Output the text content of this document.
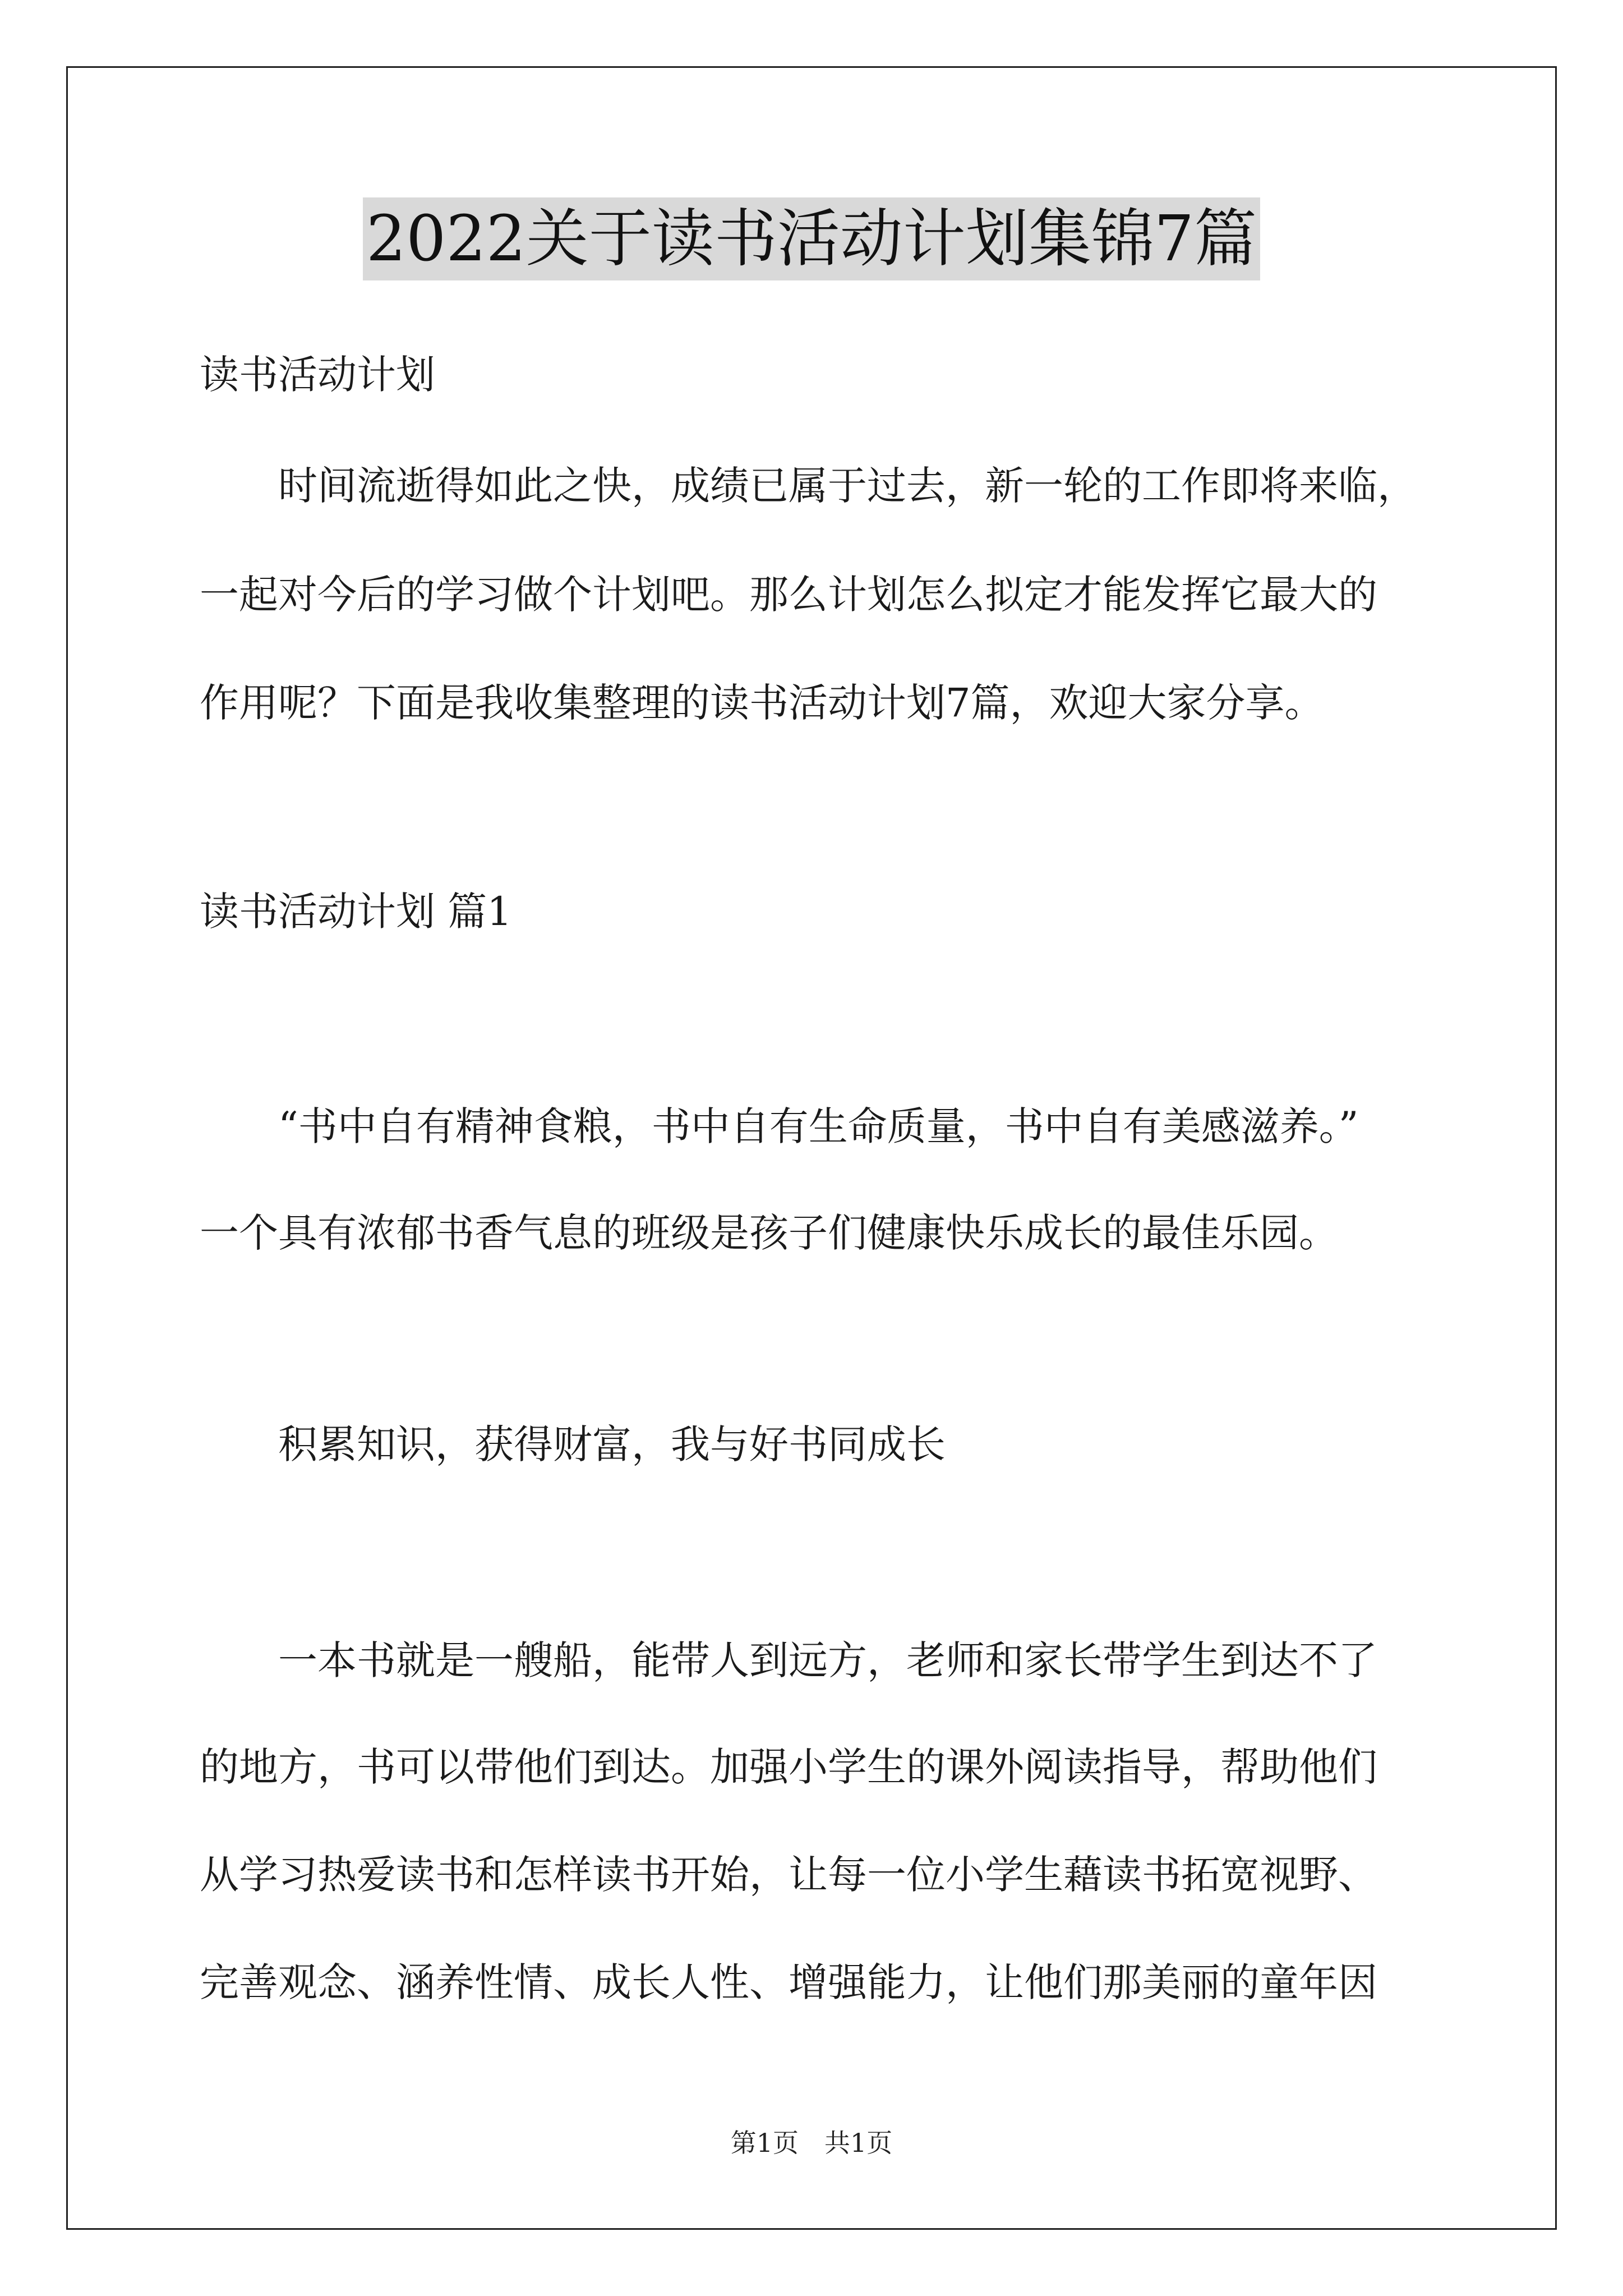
2022关于读书活动计划集锦7篇
读书活动计划
时间流逝得如此之快，成绩已属于过去，新一轮的工作即将来临，
一起对今后的学习做个计划吧。那么计划怎么拟定才能发挥它最大的
作用呢？下面是我收集整理的读书活动计划7篇，欢迎大家分享。
读书活动计划 篇1
“书中自有精神食粮，书中自有生命质量，书中自有美感滋养。”
一个具有浓郁书香气息的班级是孩子们健康快乐成长的最佳乐园。
积累知识，获得财富，我与好书同成长
一本书就是一艘船，能带人到远方，老师和家长带学生到达不了
的地方，书可以带他们到达。加强小学生的课外阅读指导，帮助他们
从学习热爱读书和怎样读书开始，让每一位小学生藉读书拓宽视野、
完善观念、涵养性情、成长人性、增强能力，让他们那美丽的童年因
第1页 共1页
